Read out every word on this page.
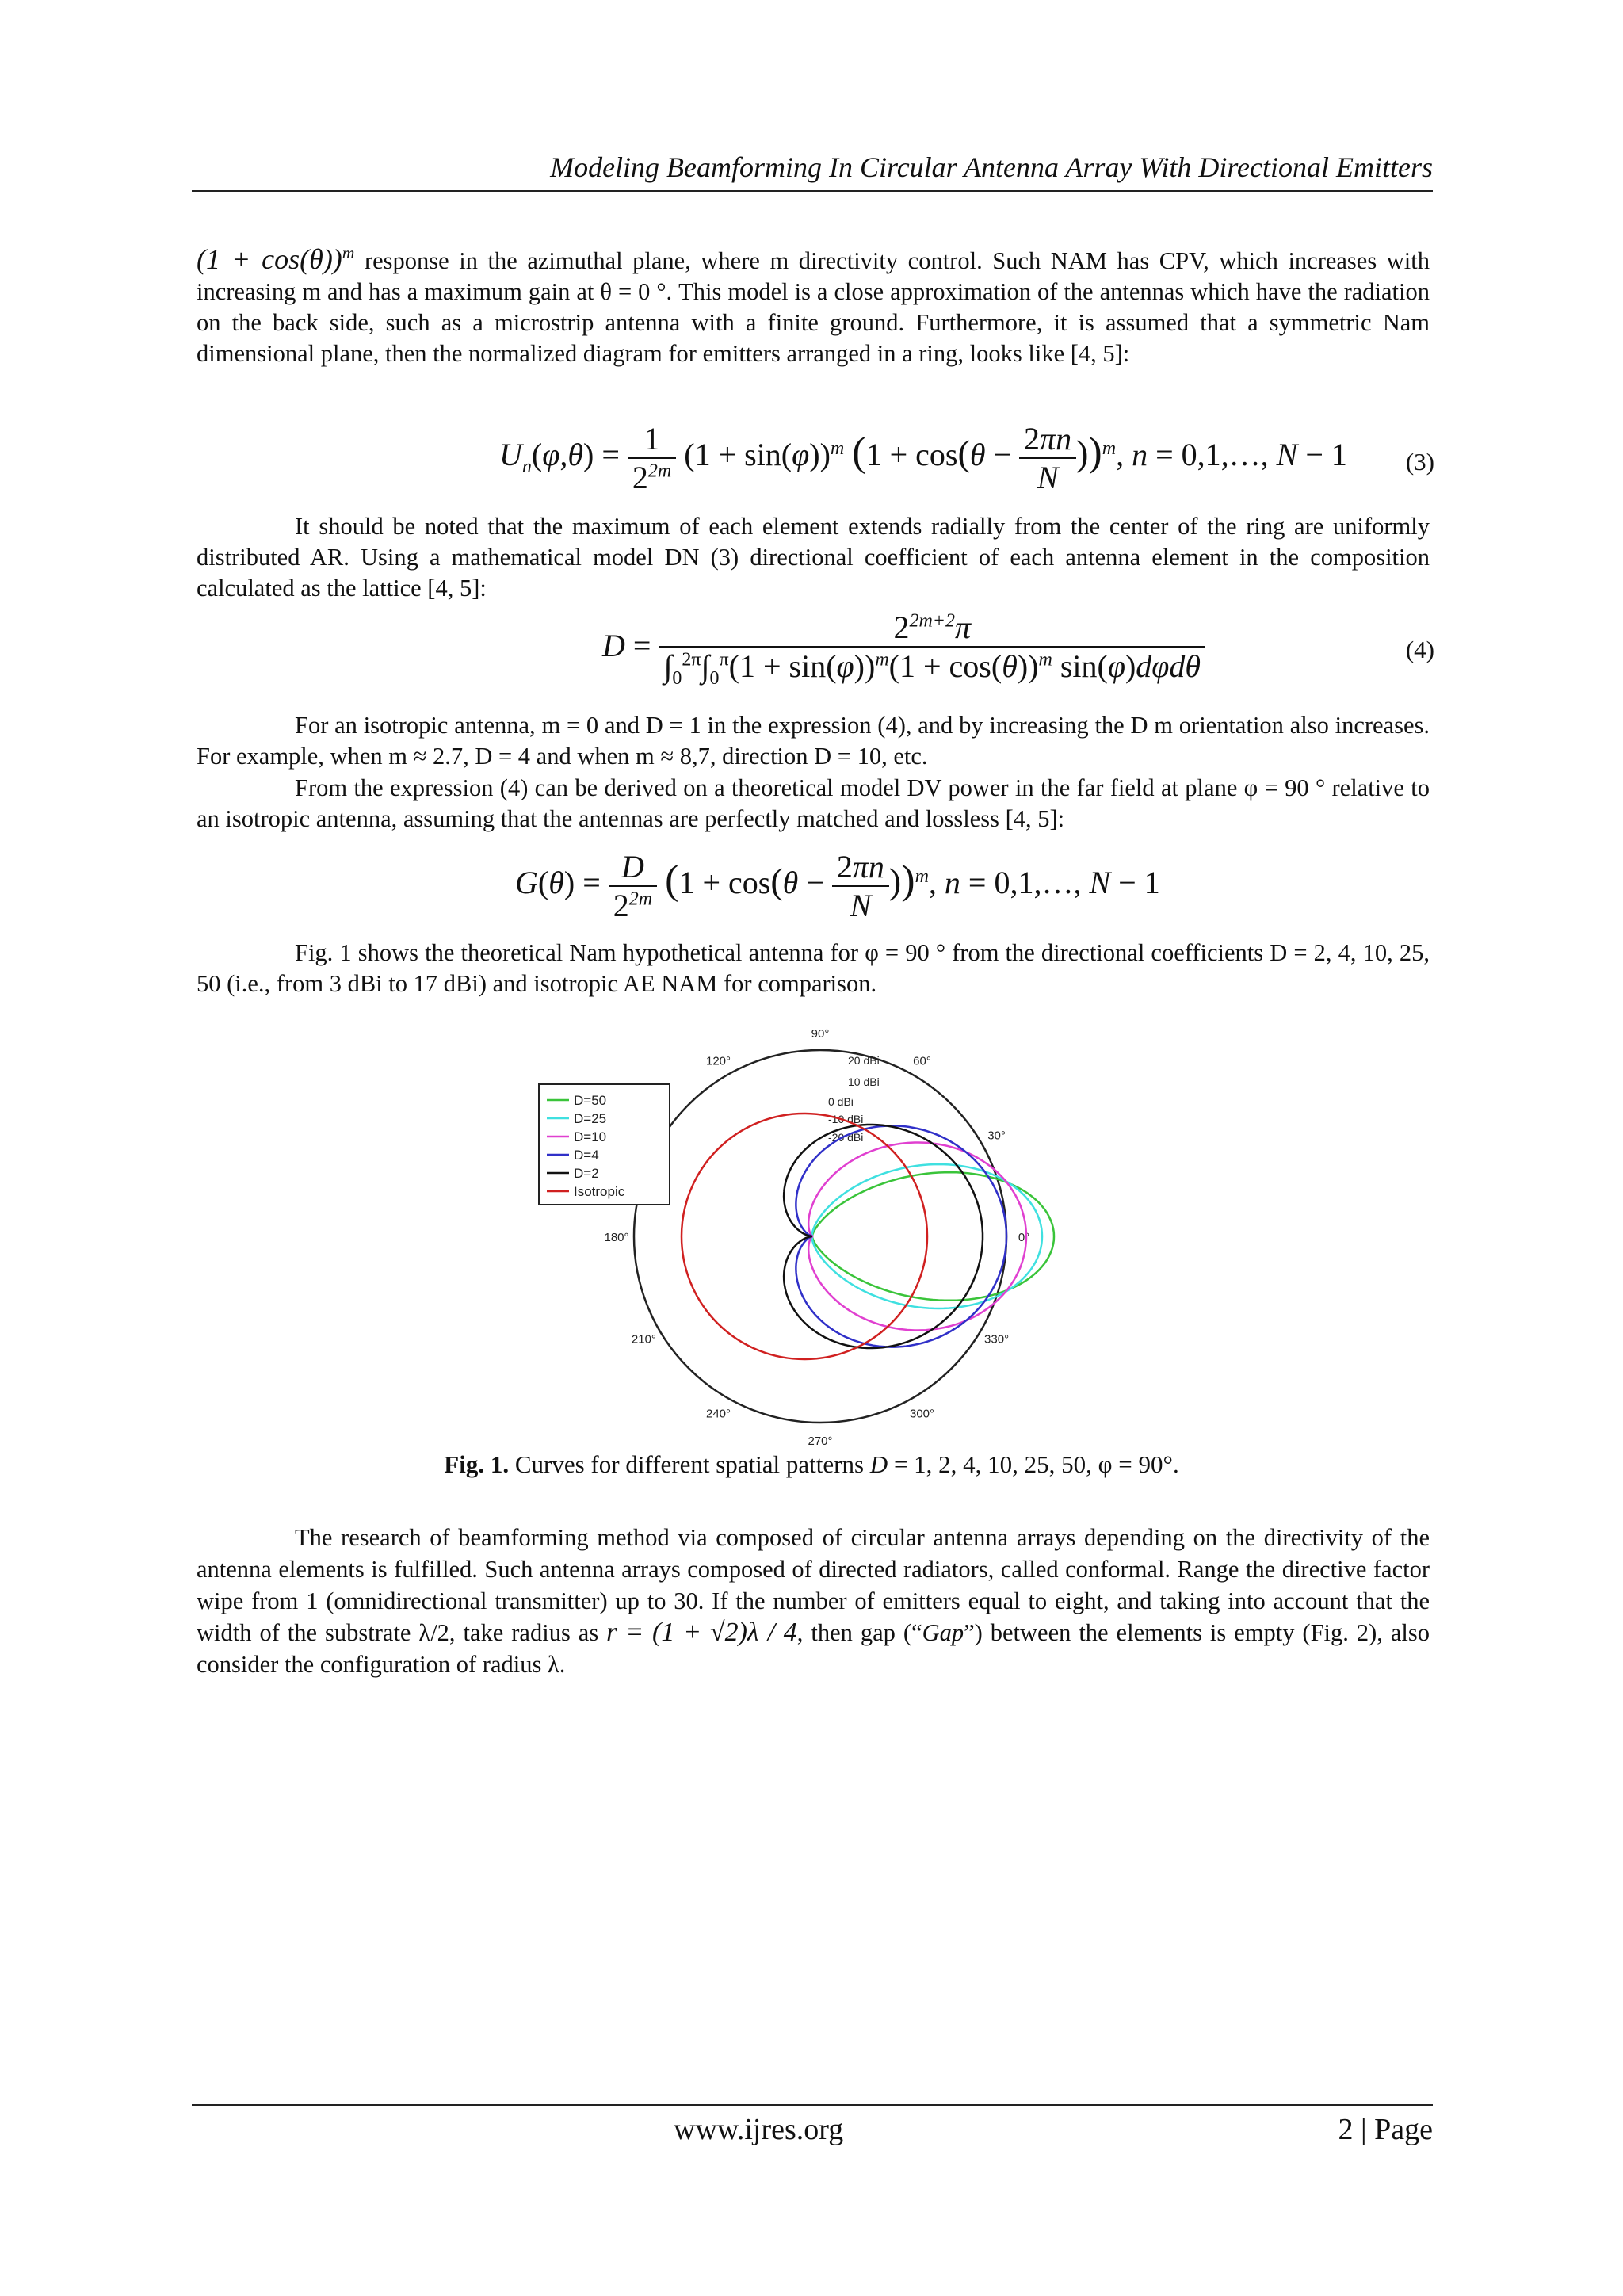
Modeling Beamforming In Circular Antenna Array With Directional Emitters
$(1 + \cos(\theta))^m$ response in the azimuthal plane, where m directivity control. Such NAM has CPV, which increases with increasing m and has a maximum gain at θ = 0 °. This model is a close approximation of the antennas which have the radiation on the back side, such as a microstrip antenna with a finite ground. Furthermore, it is assumed that a symmetric Nam dimensional plane, then the normalized diagram for emitters arranged in a ring, looks like [4, 5]:
$U_n(\varphi,\theta) = \frac{1}{2^{2m}} (1 + \sin(\varphi))^m$ $(1 + \cos(\theta - \frac{2\pi n}{N} ))^m$, n = 0,1,…, N − 1 (3)
It should be noted that the maximum of each element extends radially from the center of the ring are uniformly distributed AR. Using a mathematical model DN (3) directional coefficient of each antenna element in the composition calculated as the lattice [4, 5]:
$D = \frac{2^{2m+2}\pi}{\int_0^{2\pi}\int_0^\pi(1 + \sin(\varphi))^m(1 + \cos(\theta))^m \sin(\varphi)d\varphi d\theta}$	(4)
For an isotropic antenna, m = 0 and D = 1 in the expression (4), and by increasing the D m orientation also increases. For example, when m ≈ 2.7, D = 4 and when m ≈ 8,7, direction D = 10, etc.
From the expression (4) can be derived on a theoretical model DV power in the far field at plane φ = 90 ° relative to an isotropic antenna, assuming that the antennas are perfectly matched and lossless [4, 5]:
$G(\theta) = \frac{D}{2^{2m}} (1 + \cos(\theta - \frac{2\pi n}{N} ))^m$, n = 0,1,…, N − 1
Fig. 1 shows the theoretical Nam hypothetical antenna for φ = 90 ° from the directional coefficients D = 2, 4, 10, 25, 50 (i.e., from 3 dBi to 17 dBi) and isotropic AE NAM for comparison.
90°
60°
30°
0°
330°
300°
270°
240°
210°
180°
120°	20 dBi
10 dBi
0 dBi
-10 dBi
-20 dBi
D=50
D=25
D=10
D=4
D=2
Isotropic
Fig. 1. Curves for different spatial patterns D = 1, 2, 4, 10, 25, 50, φ = 90°.
The research of beamforming method via composed of circular antenna arrays depending on the directivity of the antenna elements is fulfilled. Such antenna arrays composed of directed radiators, called conformal. Range the directive factor wipe from 1 (omnidirectional transmitter) up to 30. If the number of emitters equal to eight, and taking into account that the width of the substrate λ/2, take radius as r = (1 + √2)λ / 4, then gap (“Gap”) between the elements is empty (Fig. 2), also consider the configuration of radius λ.
www.ijres.org	2 | Page
